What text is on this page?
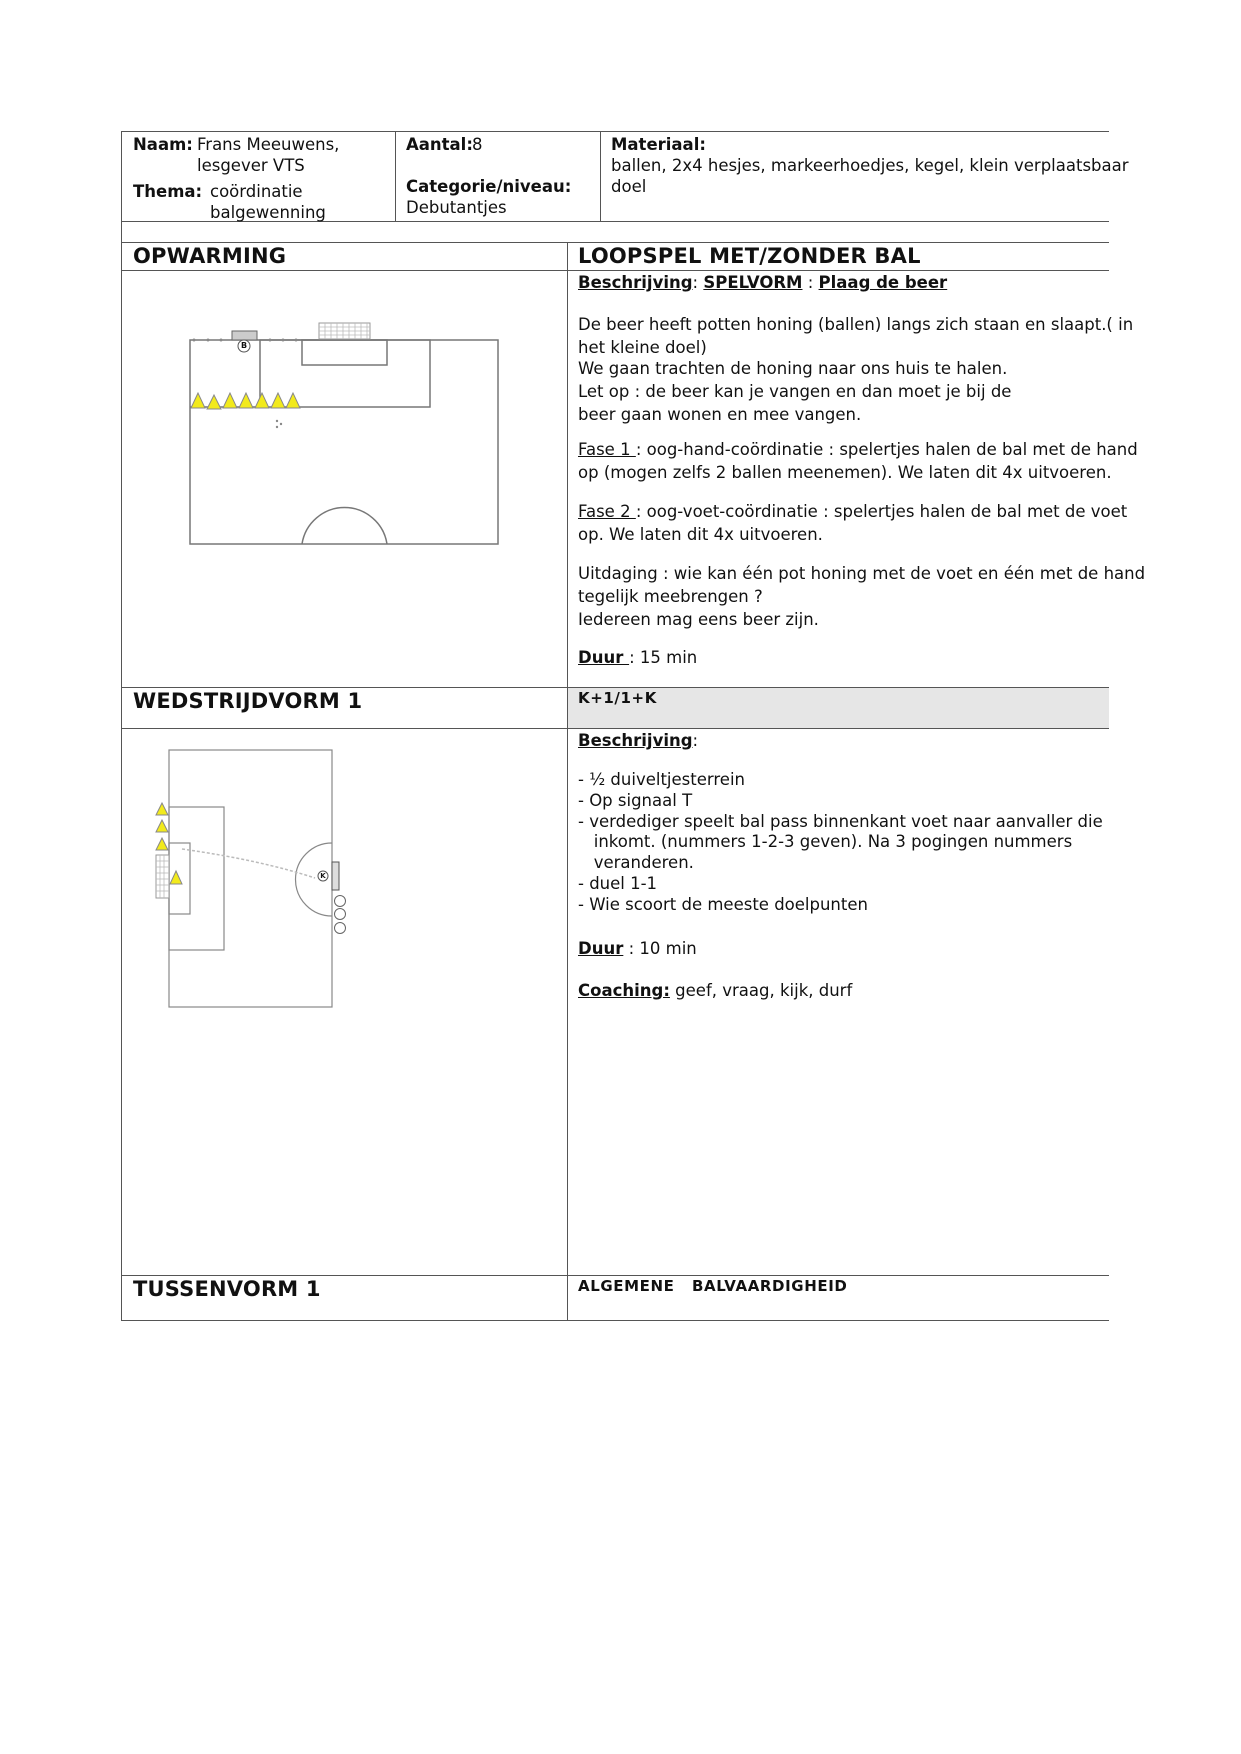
Naam: Frans Meeuwens,
lesgever VTS
Thema: coördinatie
balgewenning
Aantal: 8
Categorie/niveau:
Debutantjes
Materiaal:
ballen, 2x4 hesjes, markeerhoedjes, kegel, klein verplaatsbaar
doel
OPWARMING	LOOPSPEL MET/ZONDER BAL
Beschrijving: SPELVORM : Plaag de beer
De beer heeft potten honing (ballen) langs zich staan en slaapt.( in
het kleine doel)
We gaan trachten de honing naar ons huis te halen.
Let op : de beer kan je vangen en dan moet je bij de
beer gaan wonen en mee vangen.
Fase 1 : oog-hand-coördinatie : spelertjes halen de bal met de hand
op (mogen zelfs 2 ballen meenemen). We laten dit 4x uitvoeren.
Fase 2 : oog-voet-coördinatie : spelertjes halen de bal met de voet
op. We laten dit 4x uitvoeren.
Uitdaging : wie kan één pot honing met de voet en één met de hand
tegelijk meebrengen ?
Iedereen mag eens beer zijn.
Duur : 15 min
B
WEDSTRIJDVORM 1	K+1/1+K
Beschrijving:
- ½ duiveltjesterrein
- Op signaal T
- verdediger speelt bal pass binnenkant voet naar aanvaller die
inkomt. (nummers 1-2-3 geven). Na 3 pogingen nummers
veranderen.
- duel 1-1
- Wie scoort de meeste doelpunten
Duur : 10 min
Coaching: geef, vraag, kijk, durf
K
TUSSENVORM 1	ALGEMENE   BALVAARDIGHEID
